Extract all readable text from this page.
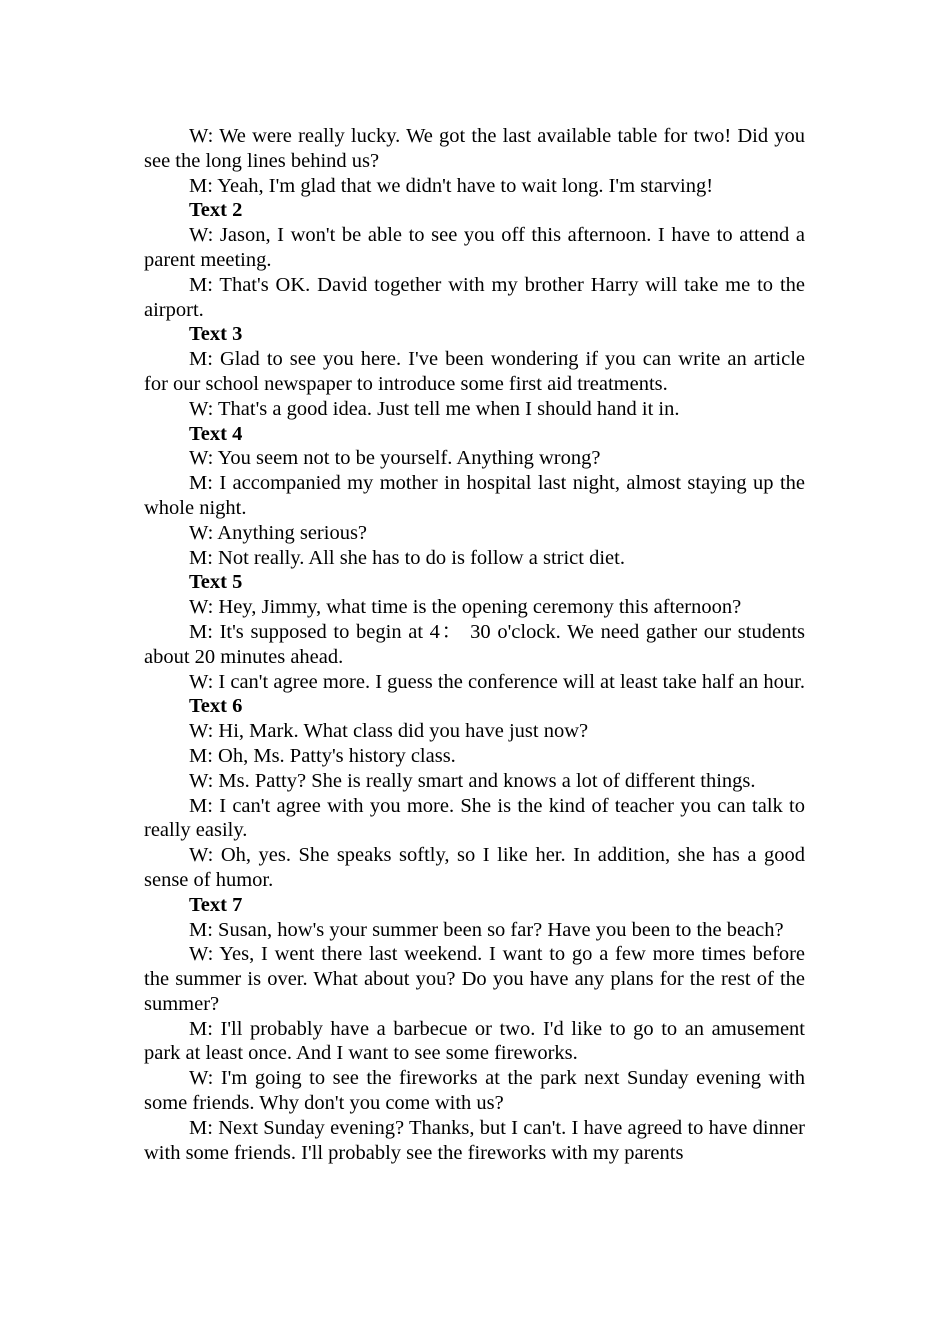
W: We were really lucky. We got the last available table for two! Did you see the long lines behind us?

M: Yeah, I'm glad that we didn't have to wait long. I'm starving!

Text 2

W: Jason, I won't be able to see you off this afternoon. I have to attend a parent meeting.

M: That's OK. David together with my brother Harry will take me to the airport.

Text 3

M: Glad to see you here. I've been wondering if you can write an article for our school newspaper to introduce some first aid treatments.

W: That's a good idea. Just tell me when I should hand it in.

Text 4

W: You seem not to be yourself. Anything wrong?

M: I accompanied my mother in hospital last night, almost staying up the whole night.

W: Anything serious?

M: Not really. All she has to do is follow a strict diet.

Text 5

W: Hey, Jimmy, what time is the opening ceremony this afternoon?

M: It's supposed to begin at 4： 30 o'clock. We need gather our students about 20 minutes ahead.

W: I can't agree more. I guess the conference will at least take half an hour.

Text 6

W: Hi, Mark. What class did you have just now?

M: Oh, Ms. Patty's history class.

W: Ms. Patty? She is really smart and knows a lot of different things.

M: I can't agree with you more. She is the kind of teacher you can talk to really easily.

W: Oh, yes. She speaks softly, so I like her. In addition, she has a good sense of humor.

Text 7

M: Susan, how's your summer been so far? Have you been to the beach?

W: Yes, I went there last weekend. I want to go a few more times before the summer is over. What about you? Do you have any plans for the rest of the summer?

M: I'll probably have a barbecue or two. I'd like to go to an amusement park at least once. And I want to see some fireworks.

W: I'm going to see the fireworks at the park next Sunday evening with some friends. Why don't you come with us?

M: Next Sunday evening? Thanks, but I can't. I have agreed to have dinner with some friends. I'll probably see the fireworks with my parents
